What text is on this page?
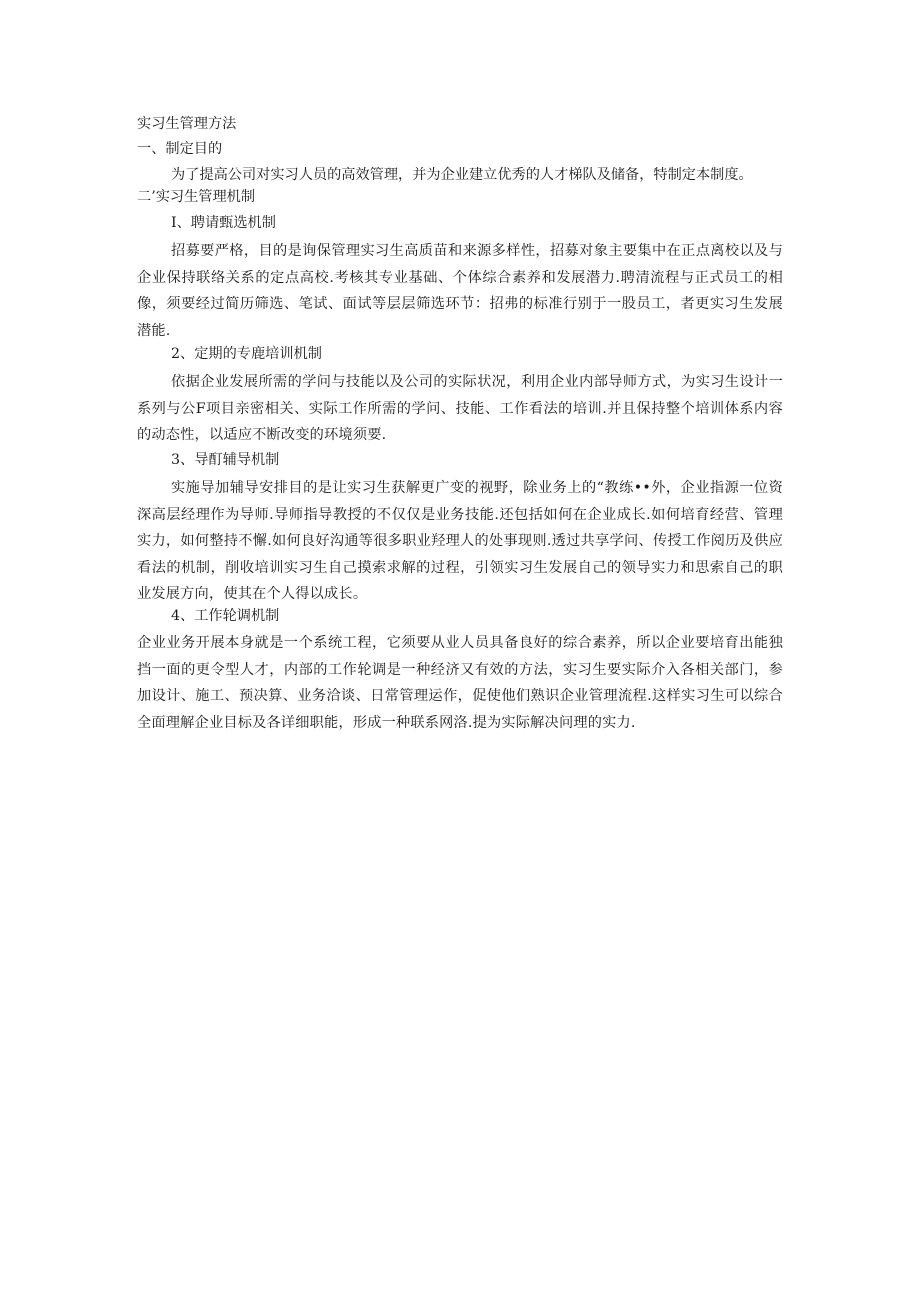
实习生管理方法
一、制定目的
为了提高公司对实习人员的高效管理，并为企业建立优秀的人才梯队及储备，特制定本制度。
二’实习生管理机制
I、聘请甄选机制
招募要严格，目的是询保管理实习生高质苗和来源多样性，招募对象主要集中在正点离校以及与企业保持联络关系的定点高校.考核其专业基础、个体综合素养和发展潜力.聘清流程与正式员工的相像，须要经过简历筛选、笔试、面试等层层筛选环节：招弗的标准行别于一股员工，者更实习生发展潜能.
2、定期的专鹿培训机制
依据企业发展所需的学问与技能以及公司的实际状况，利用企业内部导师方式，为实习生设计一系列与公F项目亲密相关、实际工作所需的学问、技能、工作看法的培训.并且保持整个培训体系内容的动态性，以适应不断改变的环境须要.
3、导酊辅导机制
实施导加辅导安排目的是让实习生获解更广变的视野，除业务上的“教练••外，企业指源一位资深高层经理作为导师.导师指导教授的不仅仅是业务技能.还包括如何在企业成长.如何培育经营、管理实力，如何整持不懈.如何良好沟通等很多职业羟理人的处事现则.透过共享学问、传授工作阅历及供应看法的机制，削收培训实习生自己摸索求解的过程，引领实习生发展自己的领导实力和思索自己的职业发展方向，使其在个人得以成长。
4、工作轮调机制
企业业务开展本身就是一个系统工程，它须要从业人员具备良好的综合素养，所以企业要培育出能独挡一面的更令型人才，内部的工作轮调是一种经济又有效的方法，实习生要实际介入各相关部门，参加设计、施工、预决算、业务洽谈、日常管理运作，促使他们熟识企业管理流程.这样实习生可以综合全面理解企业目标及各详细职能，形成一种联系网洛.提为实际解决问理的实力.
